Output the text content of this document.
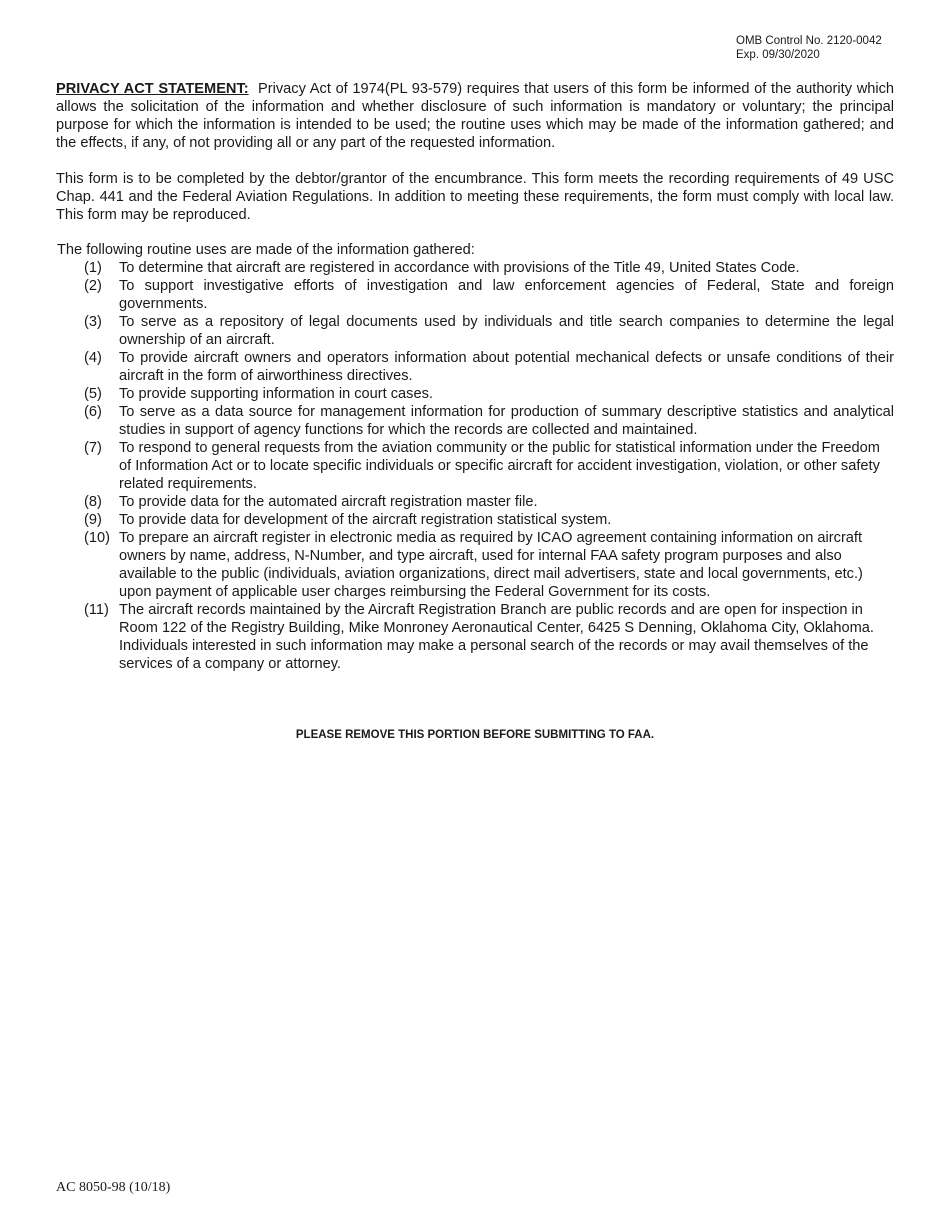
OMB Control No. 2120-0042
Exp. 09/30/2020
PRIVACY ACT STATEMENT: Privacy Act of 1974(PL 93-579) requires that users of this form be informed of the authority which allows the solicitation of the information and whether disclosure of such information is mandatory or voluntary; the principal purpose for which the information is intended to be used; the routine uses which may be made of the information gathered; and the effects, if any, of not providing all or any part of the requested information.
This form is to be completed by the debtor/grantor of the encumbrance. This form meets the recording requirements of 49 USC Chap. 441 and the Federal Aviation Regulations. In addition to meeting these requirements, the form must comply with local law. This form may be reproduced.
The following routine uses are made of the information gathered:
(1)	To determine that aircraft are registered in accordance with provisions of the Title 49, United States Code.
(2)	To support investigative efforts of investigation and law enforcement agencies of Federal, State and foreign governments.
(3)	To serve as a repository of legal documents used by individuals and title search companies to determine the legal ownership of an aircraft.
(4)	To provide aircraft owners and operators information about potential mechanical defects or unsafe conditions of their aircraft in the form of airworthiness directives.
(5)	To provide supporting information in court cases.
(6)	To serve as a data source for management information for production of summary descriptive statistics and analytical studies in support of agency functions for which the records are collected and maintained.
(7)	To respond to general requests from the aviation community or the public for statistical information under the Freedom of Information Act or to locate specific individuals or specific aircraft for accident investigation, violation, or other safety related requirements.
(8)	To provide data for the automated aircraft registration master file.
(9)	To provide data for development of the aircraft registration statistical system.
(10) To prepare an aircraft register in electronic media as required by ICAO agreement containing information on aircraft owners by name, address, N-Number, and type aircraft, used for internal FAA safety program purposes and also available to the public (individuals, aviation organizations, direct mail advertisers, state and local governments, etc.) upon payment of applicable user charges reimbursing the Federal Government for its costs.
(11) The aircraft records maintained by the Aircraft Registration Branch are public records and are open for inspection in Room 122 of the Registry Building, Mike Monroney Aeronautical Center, 6425 S Denning, Oklahoma City, Oklahoma. Individuals interested in such information may make a personal search of the records or may avail themselves of the services of a company or attorney.
PLEASE REMOVE THIS PORTION BEFORE SUBMITTING TO FAA.
AC 8050-98 (10/18)
